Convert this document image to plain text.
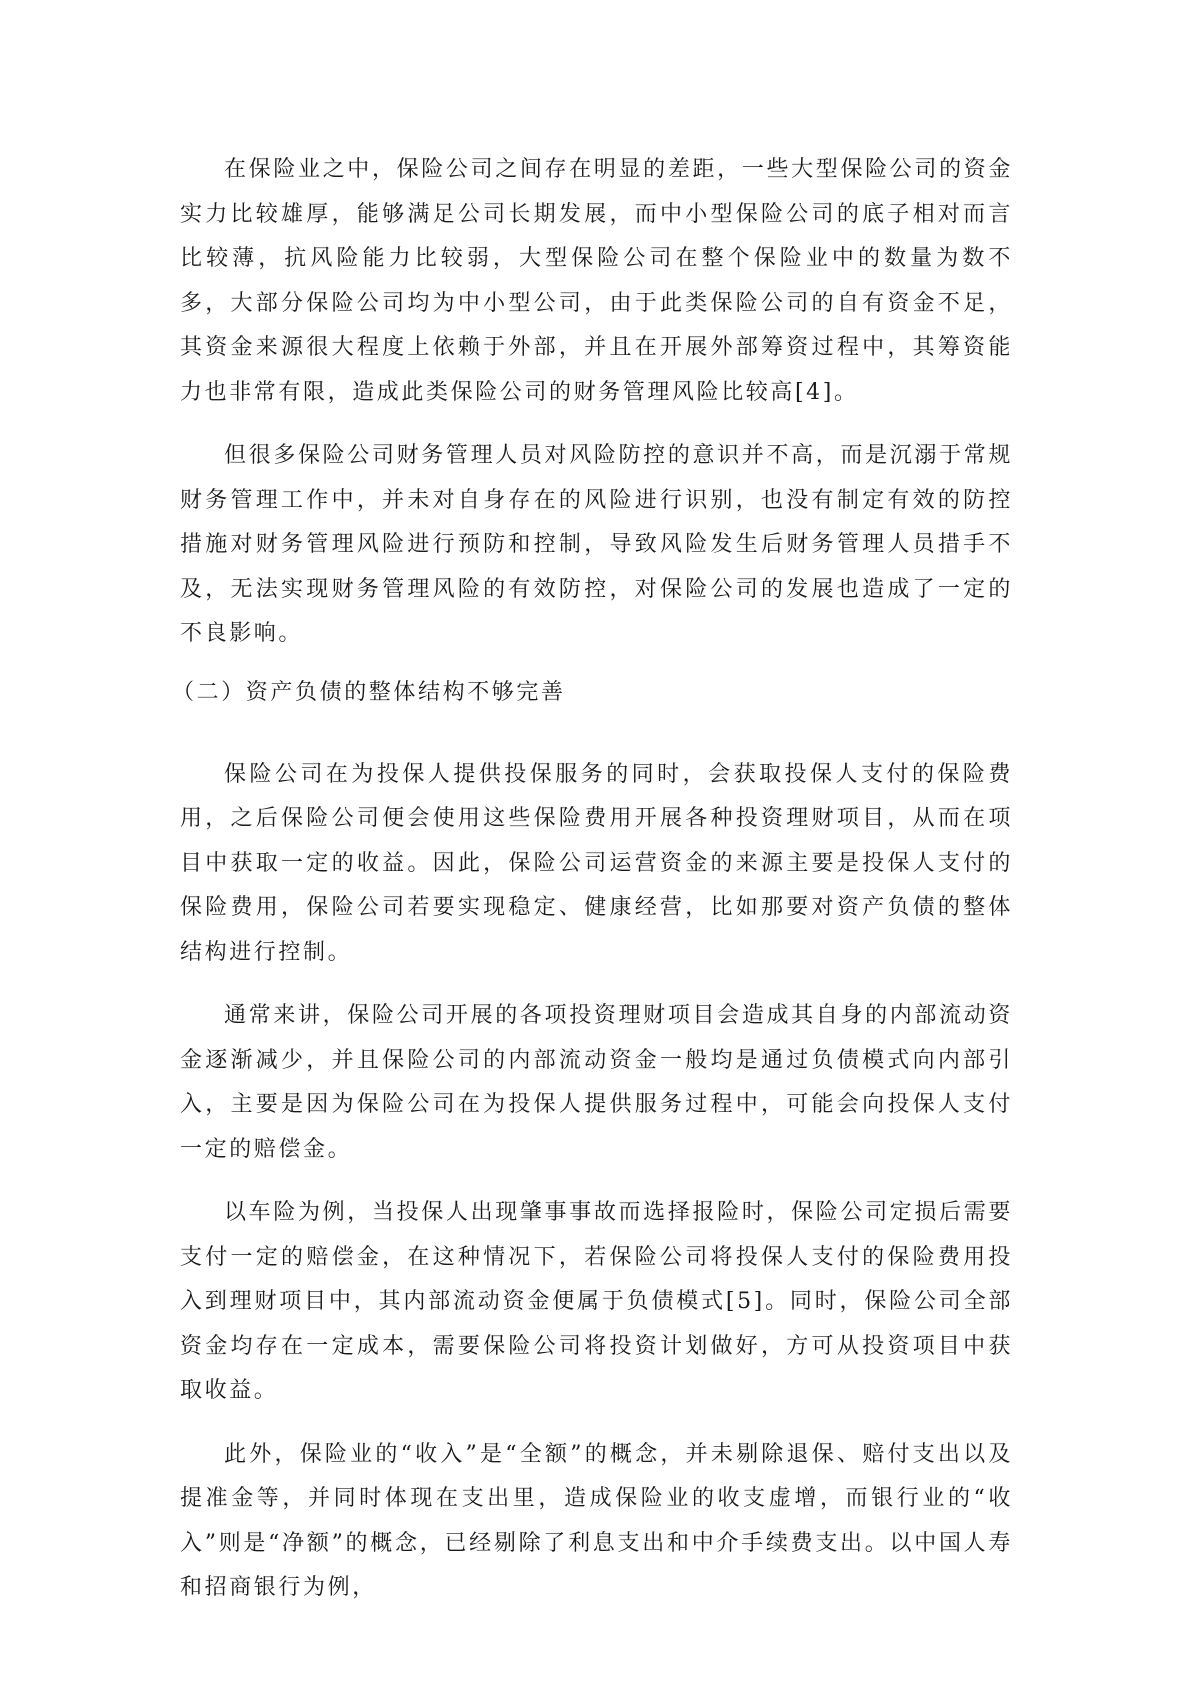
在保险业之中，保险公司之间存在明显的差距，一些大型保险公司的资金实力比较雄厚，能够满足公司长期发展，而中小型保险公司的底子相对而言比较薄，抗风险能力比较弱，大型保险公司在整个保险业中的数量为数不多，大部分保险公司均为中小型公司，由于此类保险公司的自有资金不足，其资金来源很大程度上依赖于外部，并且在开展外部筹资过程中，其筹资能力也非常有限，造成此类保险公司的财务管理风险比较高[4]。

但很多保险公司财务管理人员对风险防控的意识并不高，而是沉溺于常规财务管理工作中，并未对自身存在的风险进行识别，也没有制定有效的防控措施对财务管理风险进行预防和控制，导致风险发生后财务管理人员措手不及，无法实现财务管理风险的有效防控，对保险公司的发展也造成了一定的不良影响。

（二）资产负债的整体结构不够完善

保险公司在为投保人提供投保服务的同时，会获取投保人支付的保险费用，之后保险公司便会使用这些保险费用开展各种投资理财项目，从而在项目中获取一定的收益。因此，保险公司运营资金的来源主要是投保人支付的保险费用，保险公司若要实现稳定、健康经营，比如那要对资产负债的整体结构进行控制。

通常来讲，保险公司开展的各项投资理财项目会造成其自身的内部流动资金逐渐减少，并且保险公司的内部流动资金一般均是通过负债模式向内部引入，主要是因为保险公司在为投保人提供服务过程中，可能会向投保人支付一定的赔偿金。

以车险为例，当投保人出现肇事事故而选择报险时，保险公司定损后需要支付一定的赔偿金，在这种情况下，若保险公司将投保人支付的保险费用投入到理财项目中，其内部流动资金便属于负债模式[5]。同时，保险公司全部资金均存在一定成本，需要保险公司将投资计划做好，方可从投资项目中获取收益。

此外，保险业的“收入”是“全额”的概念，并未剔除退保、赔付支出以及提准金等，并同时体现在支出里，造成保险业的收支虚增，而银行业的“收入”则是“净额”的概念，已经剔除了利息支出和中介手续费支出。以中国人寿和招商银行为例，
